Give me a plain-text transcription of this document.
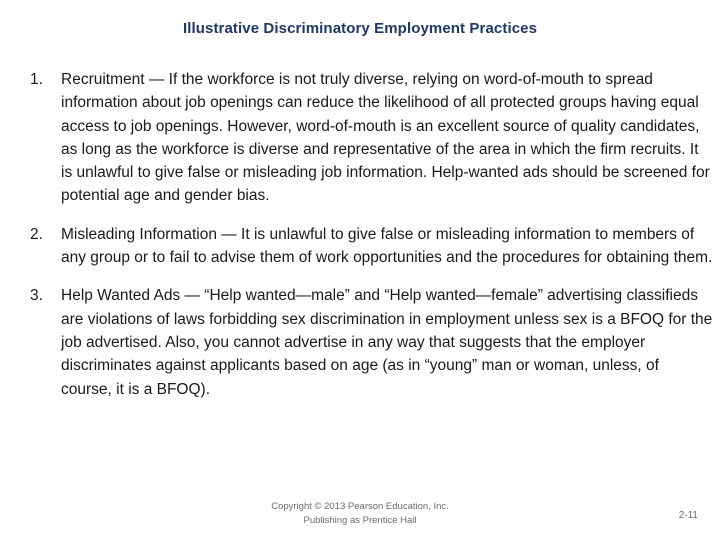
Illustrative Discriminatory Employment Practices
1. Recruitment — If the workforce is not truly diverse, relying on word-of-mouth to spread information about job openings can reduce the likelihood of all protected groups having equal access to job openings. However, word-of-mouth is an excellent source of quality candidates, as long as the workforce is diverse and representative of the area in which the firm recruits. It is unlawful to give false or misleading job information. Help-wanted ads should be screened for potential age and gender bias.
2. Misleading Information — It is unlawful to give false or misleading information to members of any group or to fail to advise them of work opportunities and the procedures for obtaining them.
3. Help Wanted Ads — “Help wanted—male” and “Help wanted—female” advertising classifieds are violations of laws forbidding sex discrimination in employment unless sex is a BFOQ for the job advertised. Also, you cannot advertise in any way that suggests that the employer discriminates against applicants based on age (as in “young” man or woman, unless, of course, it is a BFOQ).
Copyright © 2013 Pearson Education, Inc.
Publishing as Prentice Hall	2-11
